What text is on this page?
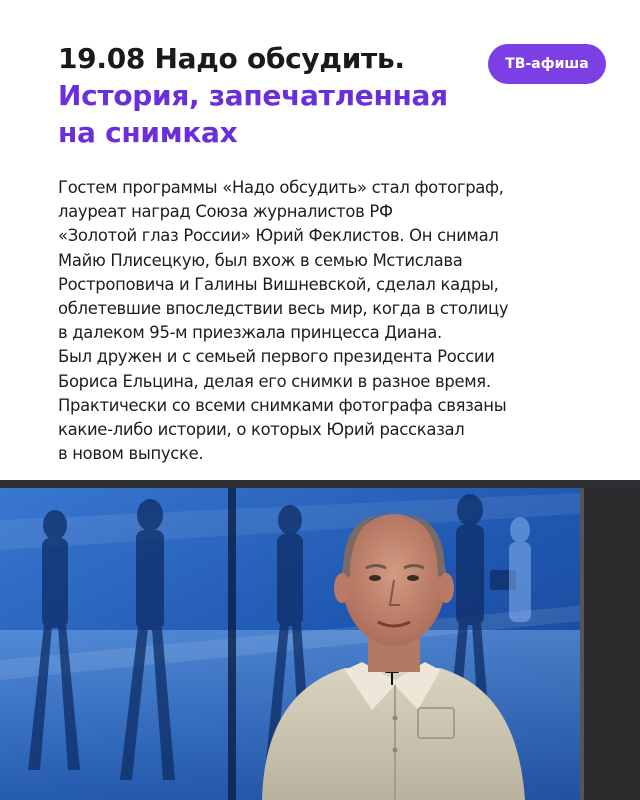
19.08 Надо обсудить.
История, запечатленная
на снимках
ТВ-афиша
Гостем программы «Надо обсудить» стал фотограф,
лауреат наград Союза журналистов РФ
«Золотой глаз России» Юрий Феклистов. Он снимал
Майю Плисецкую, был вхож в семью Мстислава
Ростроповича и Галины Вишневской, сделал кадры,
облетевшие впоследствии весь мир, когда в столицу
в далеком 95-м приезжала принцесса Диана.
Был дружен и с семьей первого президента России
Бориса Ельцина, делая его снимки в разное время.
Практически со всеми снимками фотографа связаны
какие-либо истории, о которых Юрий рассказал
в новом выпуске.
